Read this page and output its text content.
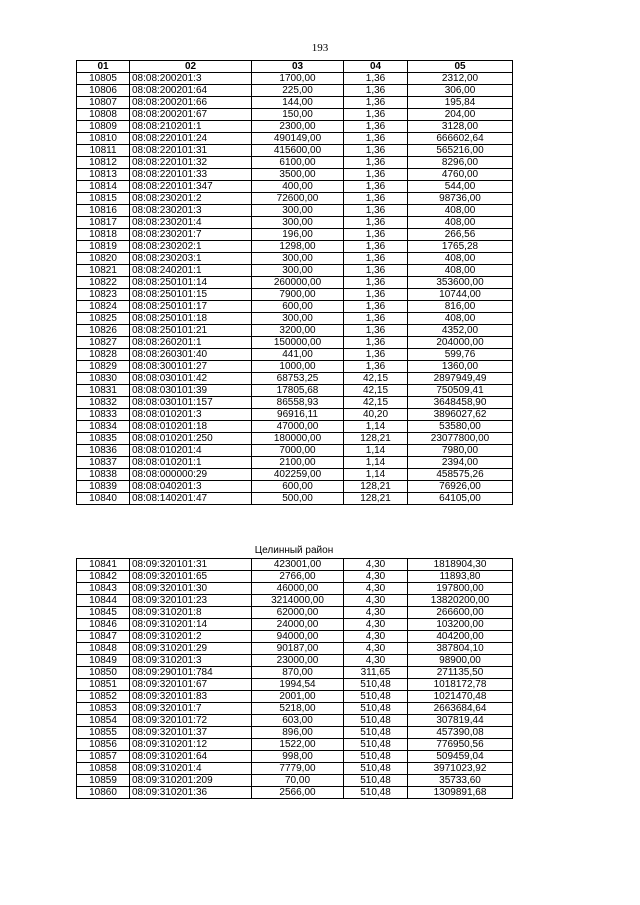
193
01	02	03	04	05
10805	08:08:200201:3	1700,00	1,36	2312,00
10806	08:08:200201:64	225,00	1,36	306,00
10807	08:08:200201:66	144,00	1,36	195,84
10808	08:08:200201:67	150,00	1,36	204,00
10809	08:08:210201:1	2300,00	1,36	3128,00
10810	08:08:220101:24	490149,00	1,36	666602,64
10811	08:08:220101:31	415600,00	1,36	565216,00
10812	08:08:220101:32	6100,00	1,36	8296,00
10813	08:08:220101:33	3500,00	1,36	4760,00
10814	08:08:220101:347	400,00	1,36	544,00
10815	08:08:230201:2	72600,00	1,36	98736,00
10816	08:08:230201:3	300,00	1,36	408,00
10817	08:08:230201:4	300,00	1,36	408,00
10818	08:08:230201:7	196,00	1,36	266,56
10819	08:08:230202:1	1298,00	1,36	1765,28
10820	08:08:230203:1	300,00	1,36	408,00
10821	08:08:240201:1	300,00	1,36	408,00
10822	08:08:250101:14	260000,00	1,36	353600,00
10823	08:08:250101:15	7900,00	1,36	10744,00
10824	08:08:250101:17	600,00	1,36	816,00
10825	08:08:250101:18	300,00	1,36	408,00
10826	08:08:250101:21	3200,00	1,36	4352,00
10827	08:08:260201:1	150000,00	1,36	204000,00
10828	08:08:260301:40	441,00	1,36	599,76
10829	08:08:300101:27	1000,00	1,36	1360,00
10830	08:08:030101:42	68753,25	42,15	2897949,49
10831	08:08:030101:39	17805,68	42,15	750509,41
10832	08:08:030101:157	86558,93	42,15	3648458,90
10833	08:08:010201:3	96916,11	40,20	3896027,62
10834	08:08:010201:18	47000,00	1,14	53580,00
10835	08:08:010201:250	180000,00	128,21	23077800,00
10836	08:08:010201:4	7000,00	1,14	7980,00
10837	08:08:010201:1	2100,00	1,14	2394,00
10838	08:08:000000:29	402259,00	1,14	458575,26
10839	08:08:040201:3	600,00	128,21	76926,00
10840	08:08:140201:47	500,00	128,21	64105,00
Целинный район
10841	08:09:320101:31	423001,00	4,30	1818904,30
10842	08:09:320101:65	2766,00	4,30	11893,80
10843	08:09:320101:30	46000,00	4,30	197800,00
10844	08:09:320101:23	3214000,00	4,30	13820200,00
10845	08:09:310201:8	62000,00	4,30	266600,00
10846	08:09:310201:14	24000,00	4,30	103200,00
10847	08:09:310201:2	94000,00	4,30	404200,00
10848	08:09:310201:29	90187,00	4,30	387804,10
10849	08:09:310201:3	23000,00	4,30	98900,00
10850	08:09:290101:784	870,00	311,65	271135,50
10851	08:09:320101:67	1994,54	510,48	1018172,78
10852	08:09:320101:83	2001,00	510,48	1021470,48
10853	08:09:320101:7	5218,00	510,48	2663684,64
10854	08:09:320101:72	603,00	510,48	307819,44
10855	08:09:320101:37	896,00	510,48	457390,08
10856	08:09:310201:12	1522,00	510,48	776950,56
10857	08:09:310201:64	998,00	510,48	509459,04
10858	08:09:310201:4	7779,00	510,48	3971023,92
10859	08:09:310201:209	70,00	510,48	35733,60
10860	08:09:310201:36	2566,00	510,48	1309891,68
